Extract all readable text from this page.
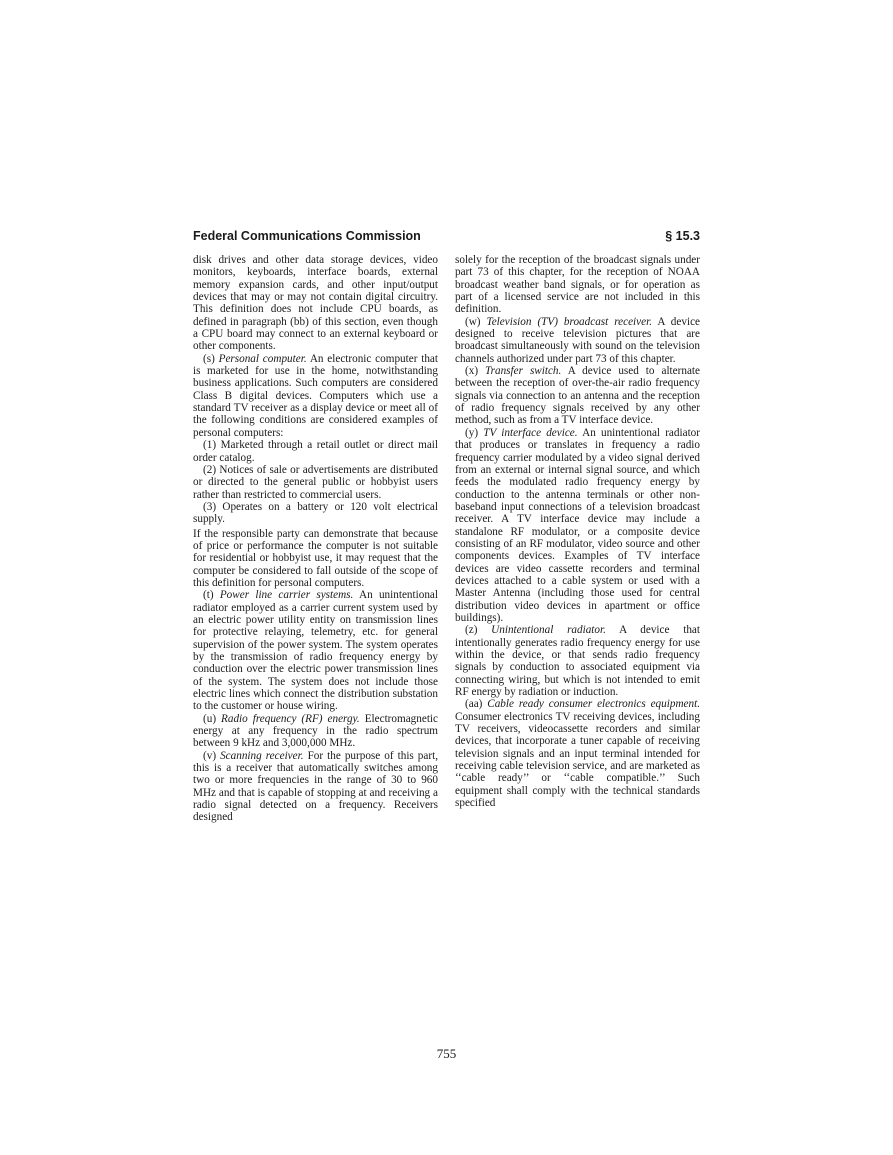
Federal Communications Commission	§ 15.3

disk drives and other data storage devices, video monitors, keyboards, interface boards, external memory expansion cards, and other input/output devices that may or may not contain digital circuitry. This definition does not include CPU boards, as defined in paragraph (bb) of this section, even though a CPU board may connect to an external keyboard or other components.

(s) Personal computer. An electronic computer that is marketed for use in the home, notwithstanding business applications. Such computers are considered Class B digital devices. Computers which use a standard TV receiver as a display device or meet all of the following conditions are considered examples of personal computers:

(1) Marketed through a retail outlet or direct mail order catalog.

(2) Notices of sale or advertisements are distributed or directed to the general public or hobbyist users rather than restricted to commercial users.

(3) Operates on a battery or 120 volt electrical supply.

If the responsible party can demonstrate that because of price or performance the computer is not suitable for residential or hobbyist use, it may request that the computer be considered to fall outside of the scope of this definition for personal computers.

(t) Power line carrier systems. An unintentional radiator employed as a carrier current system used by an electric power utility entity on transmission lines for protective relaying, telemetry, etc. for general supervision of the power system. The system operates by the transmission of radio frequency energy by conduction over the electric power transmission lines of the system. The system does not include those electric lines which connect the distribution substation to the customer or house wiring.

(u) Radio frequency (RF) energy. Electromagnetic energy at any frequency in the radio spectrum between 9 kHz and 3,000,000 MHz.

(v) Scanning receiver. For the purpose of this part, this is a receiver that automatically switches among two or more frequencies in the range of 30 to 960 MHz and that is capable of stopping at and receiving a radio signal detected on a frequency. Receivers designed

solely for the reception of the broadcast signals under part 73 of this chapter, for the reception of NOAA broadcast weather band signals, or for operation as part of a licensed service are not included in this definition.

(w) Television (TV) broadcast receiver. A device designed to receive television pictures that are broadcast simultaneously with sound on the television channels authorized under part 73 of this chapter.

(x) Transfer switch. A device used to alternate between the reception of over-the-air radio frequency signals via connection to an antenna and the reception of radio frequency signals received by any other method, such as from a TV interface device.

(y) TV interface device. An unintentional radiator that produces or translates in frequency a radio frequency carrier modulated by a video signal derived from an external or internal signal source, and which feeds the modulated radio frequency energy by conduction to the antenna terminals or other non-baseband input connections of a television broadcast receiver. A TV interface device may include a standalone RF modulator, or a composite device consisting of an RF modulator, video source and other components devices. Examples of TV interface devices are video cassette recorders and terminal devices attached to a cable system or used with a Master Antenna (including those used for central distribution video devices in apartment or office buildings).

(z) Unintentional radiator. A device that intentionally generates radio frequency energy for use within the device, or that sends radio frequency signals by conduction to associated equipment via connecting wiring, but which is not intended to emit RF energy by radiation or induction.

(aa) Cable ready consumer electronics equipment. Consumer electronics TV receiving devices, including TV receivers, videocassette recorders and similar devices, that incorporate a tuner capable of receiving television signals and an input terminal intended for receiving cable television service, and are marketed as ‘‘cable ready’’ or ‘‘cable compatible.’’ Such equipment shall comply with the technical standards specified

755
